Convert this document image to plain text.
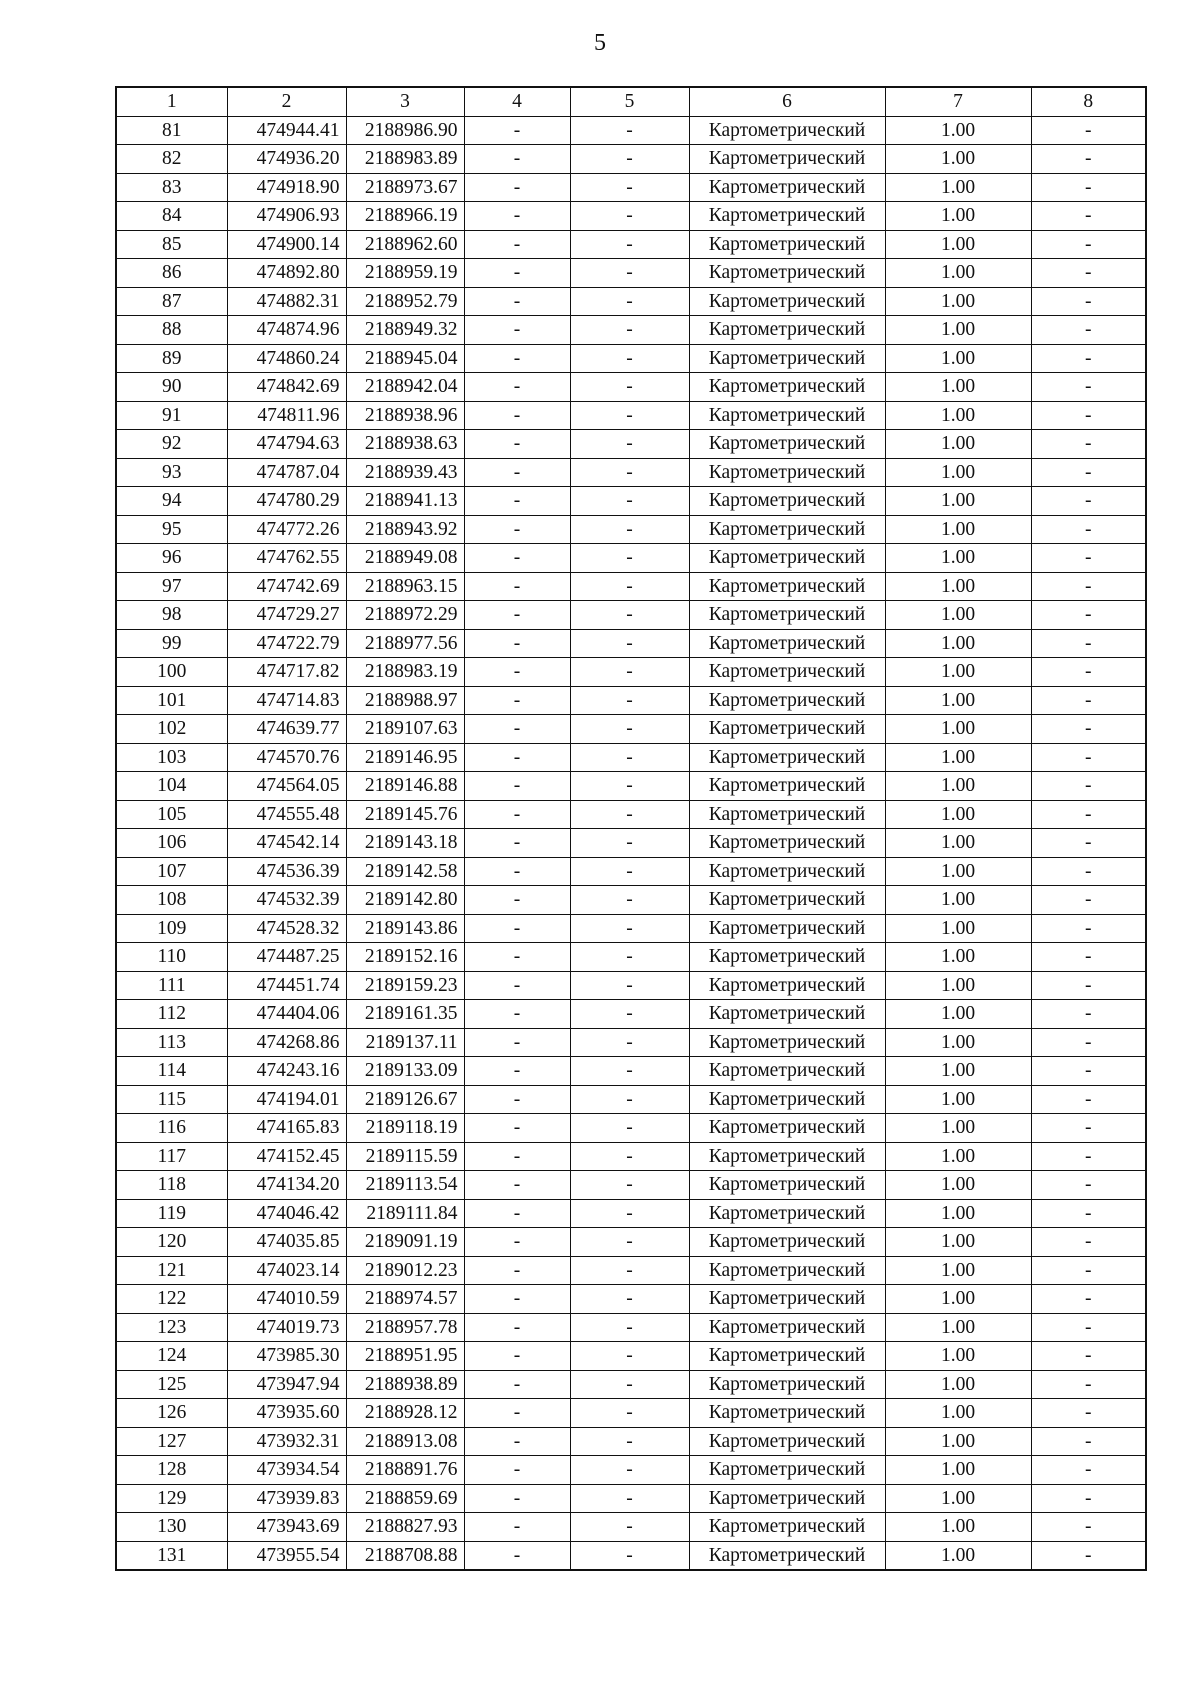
5
1	2	3	4	5	6	7	8
81	474944.41	2188986.90	-	-	Картометрический	1.00	-
82	474936.20	2188983.89	-	-	Картометрический	1.00	-
83	474918.90	2188973.67	-	-	Картометрический	1.00	-
84	474906.93	2188966.19	-	-	Картометрический	1.00	-
85	474900.14	2188962.60	-	-	Картометрический	1.00	-
86	474892.80	2188959.19	-	-	Картометрический	1.00	-
87	474882.31	2188952.79	-	-	Картометрический	1.00	-
88	474874.96	2188949.32	-	-	Картометрический	1.00	-
89	474860.24	2188945.04	-	-	Картометрический	1.00	-
90	474842.69	2188942.04	-	-	Картометрический	1.00	-
91	474811.96	2188938.96	-	-	Картометрический	1.00	-
92	474794.63	2188938.63	-	-	Картометрический	1.00	-
93	474787.04	2188939.43	-	-	Картометрический	1.00	-
94	474780.29	2188941.13	-	-	Картометрический	1.00	-
95	474772.26	2188943.92	-	-	Картометрический	1.00	-
96	474762.55	2188949.08	-	-	Картометрический	1.00	-
97	474742.69	2188963.15	-	-	Картометрический	1.00	-
98	474729.27	2188972.29	-	-	Картометрический	1.00	-
99	474722.79	2188977.56	-	-	Картометрический	1.00	-
100	474717.82	2188983.19	-	-	Картометрический	1.00	-
101	474714.83	2188988.97	-	-	Картометрический	1.00	-
102	474639.77	2189107.63	-	-	Картометрический	1.00	-
103	474570.76	2189146.95	-	-	Картометрический	1.00	-
104	474564.05	2189146.88	-	-	Картометрический	1.00	-
105	474555.48	2189145.76	-	-	Картометрический	1.00	-
106	474542.14	2189143.18	-	-	Картометрический	1.00	-
107	474536.39	2189142.58	-	-	Картометрический	1.00	-
108	474532.39	2189142.80	-	-	Картометрический	1.00	-
109	474528.32	2189143.86	-	-	Картометрический	1.00	-
110	474487.25	2189152.16	-	-	Картометрический	1.00	-
111	474451.74	2189159.23	-	-	Картометрический	1.00	-
112	474404.06	2189161.35	-	-	Картометрический	1.00	-
113	474268.86	2189137.11	-	-	Картометрический	1.00	-
114	474243.16	2189133.09	-	-	Картометрический	1.00	-
115	474194.01	2189126.67	-	-	Картометрический	1.00	-
116	474165.83	2189118.19	-	-	Картометрический	1.00	-
117	474152.45	2189115.59	-	-	Картометрический	1.00	-
118	474134.20	2189113.54	-	-	Картометрический	1.00	-
119	474046.42	2189111.84	-	-	Картометрический	1.00	-
120	474035.85	2189091.19	-	-	Картометрический	1.00	-
121	474023.14	2189012.23	-	-	Картометрический	1.00	-
122	474010.59	2188974.57	-	-	Картометрический	1.00	-
123	474019.73	2188957.78	-	-	Картометрический	1.00	-
124	473985.30	2188951.95	-	-	Картометрический	1.00	-
125	473947.94	2188938.89	-	-	Картометрический	1.00	-
126	473935.60	2188928.12	-	-	Картометрический	1.00	-
127	473932.31	2188913.08	-	-	Картометрический	1.00	-
128	473934.54	2188891.76	-	-	Картометрический	1.00	-
129	473939.83	2188859.69	-	-	Картометрический	1.00	-
130	473943.69	2188827.93	-	-	Картометрический	1.00	-
131	473955.54	2188708.88	-	-	Картометрический	1.00	-
